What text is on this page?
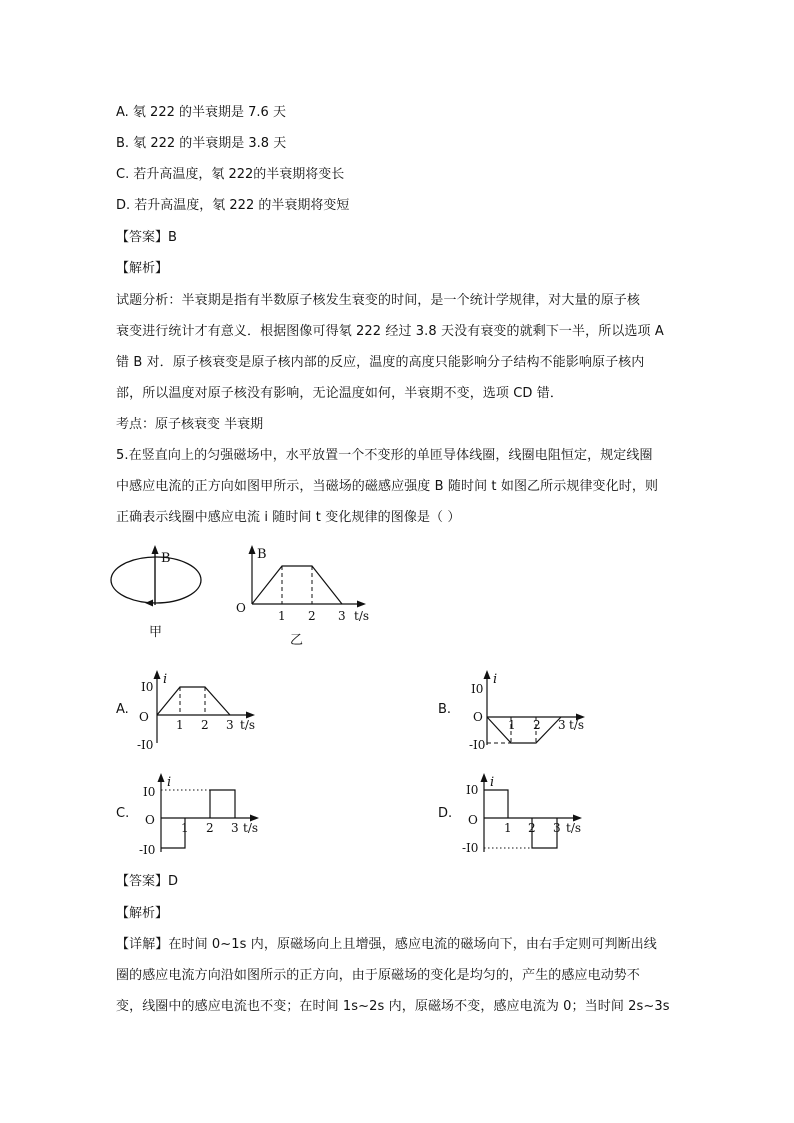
A. 氡 222 的半衰期是 7.6 天
B. 氡 222 的半衰期是 3.8 天
C. 若升高温度，氡 222的半衰期将变长
D. 若升高温度，氡 222 的半衰期将变短
【答案】B
【解析】
试题分析：半衰期是指有半数原子核发生衰变的时间，是一个统计学规律，对大量的原子核
衰变进行统计才有意义．根据图像可得氡 222 经过 3.8 天没有衰变的就剩下一半，所以选项 A
错 B 对．原子核衰变是原子核内部的反应，温度的高度只能影响分子结构不能影响原子核内
部，所以温度对原子核没有影响，无论温度如何，半衰期不变，选项 CD 错．
考点：原子核衰变 半衰期
5.在竖直向上的匀强磁场中，水平放置一个不变形的单匝导体线圈，线圈电阻恒定，规定线圈
中感应电流的正方向如图甲所示，当磁场的磁感应强度 B 随时间 t 如图乙所示规律变化时，则
正确表示线圈中感应电流 i 随时间 t 变化规律的图像是（ ）
B
甲
B
O
1 2 3 t/s
乙
A.
i
I0
O
-I0
1 2 3 t/s
B.
i
I0
O
-I0
1 2 3 t/s
C.
i
I0
O
-I0
1 2 3 t/s
D.
i
I0
O
-I0
1 2 3 t/s
【答案】D
【解析】
【详解】在时间 0~1s 内，原磁场向上且增强，感应电流的磁场向下，由右手定则可判断出线
圈的感应电流方向沿如图所示的正方向，由于原磁场的变化是均匀的，产生的感应电动势不
变，线圈中的感应电流也不变；在时间 1s~2s 内，原磁场不变，感应电流为 0；当时间 2s~3s
